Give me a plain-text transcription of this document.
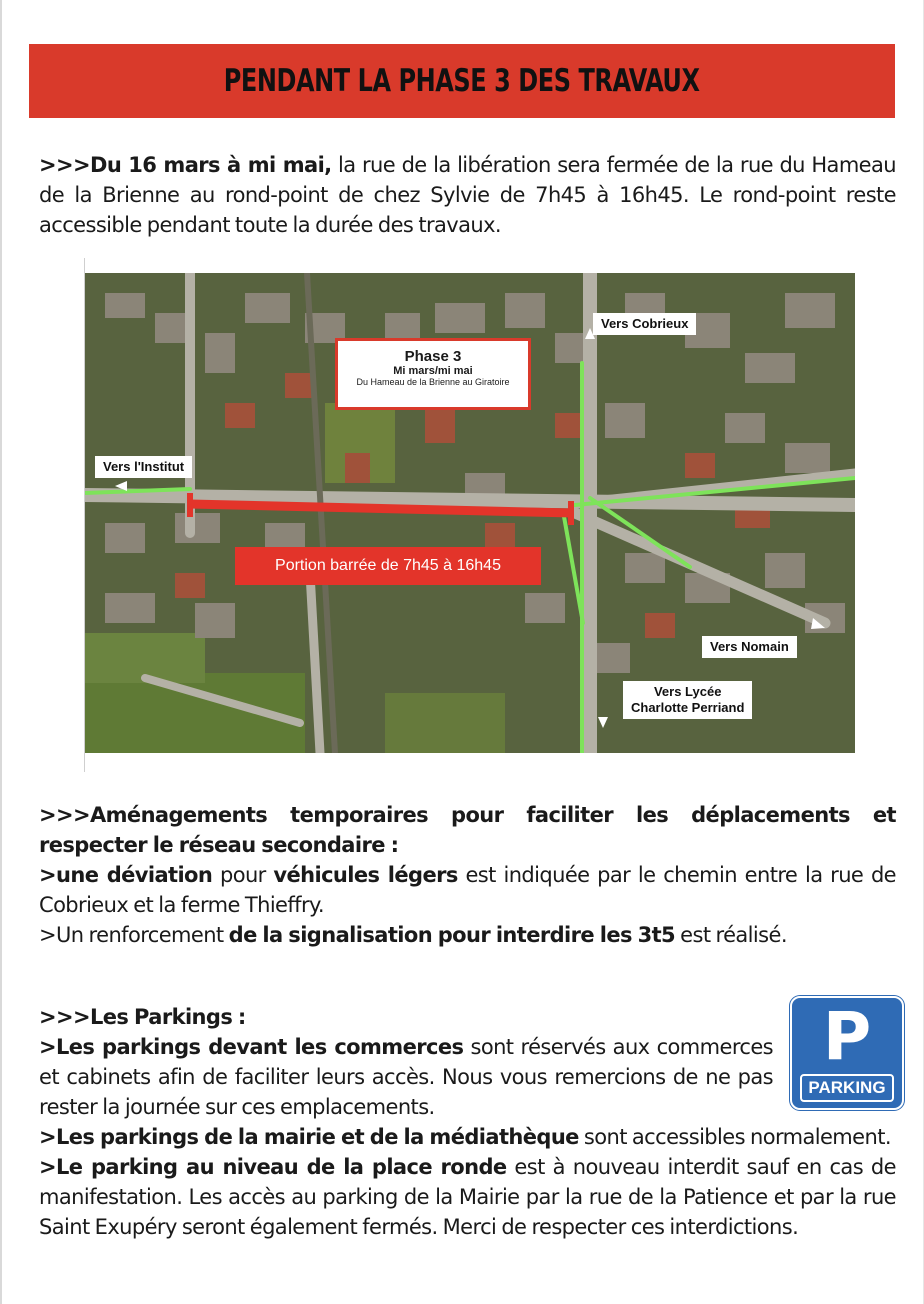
PENDANT LA PHASE 3 DES TRAVAUX
>>>Du 16 mars à mi mai, la rue de la libération sera fermée de la rue du Hameau de la Brienne au rond-point de chez Sylvie de 7h45 à 16h45. Le rond-point reste accessible pendant toute la durée des travaux.
Phase 3
Mi mars/mi mai
Du Hameau de la Brienne au Giratoire
Vers Cobrieux
Vers l'Institut
Vers Nomain
Vers Lycée
Charlotte Perriand
Portion barrée de 7h45 à 16h45
>>>Aménagements temporaires pour faciliter les déplacements et respecter le réseau secondaire :
>une déviation pour véhicules légers est indiquée par le chemin entre la rue de Cobrieux et la ferme Thieffry.
>Un renforcement de la signalisation pour interdire les 3t5 est réalisé.
>>>Les Parkings :
>Les parkings devant les commerces sont réservés aux commerces et cabinets afin de faciliter leurs accès. Nous vous remercions de ne pas rester la journée sur ces emplacements.
>Les parkings de la mairie et de la médiathèque sont accessibles normalement.
>Le parking au niveau de la place ronde est à nouveau interdit sauf en cas de manifestation. Les accès au parking de la Mairie par la rue de la Patience et par la rue Saint Exupéry seront également fermés. Merci de respecter ces interdictions.
P
PARKING
